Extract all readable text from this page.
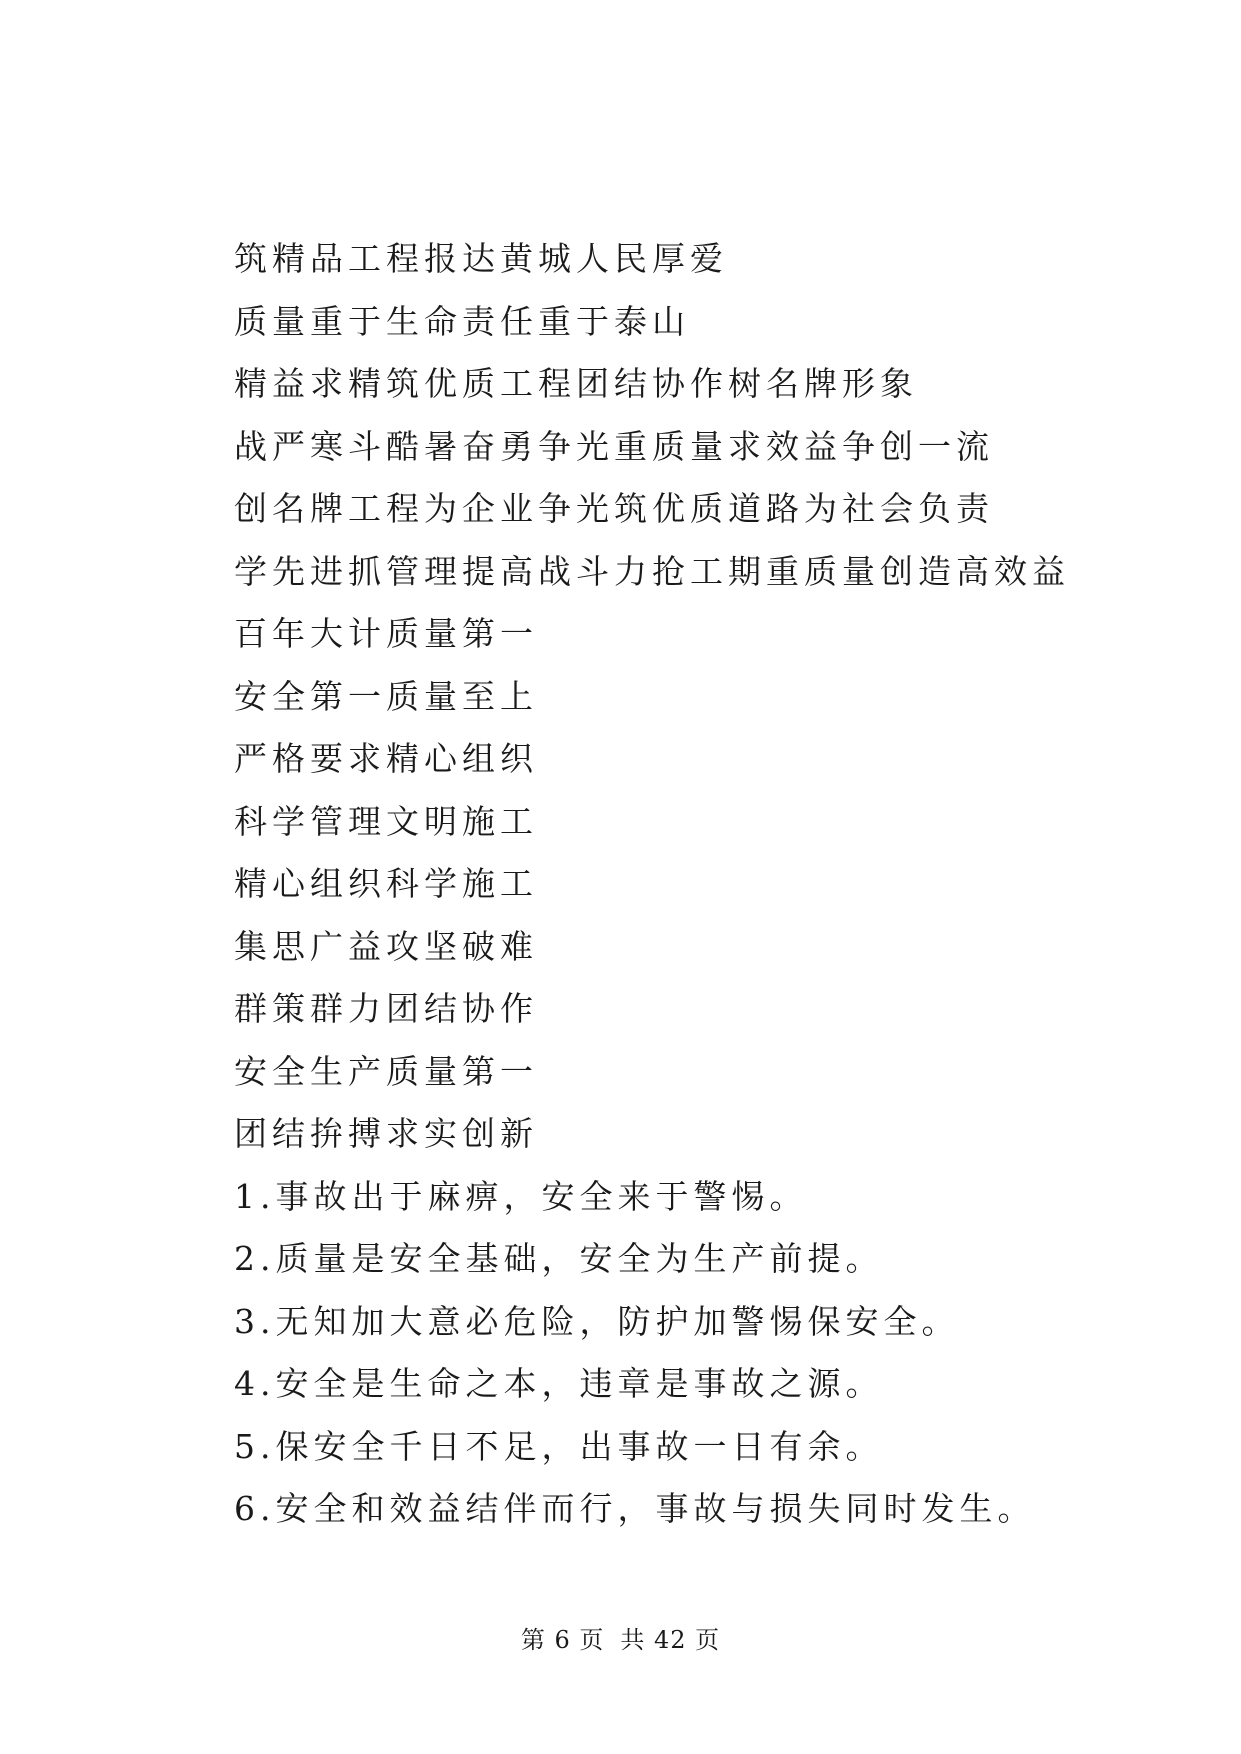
筑精品工程报达黄城人民厚爱
质量重于生命责任重于泰山
精益求精筑优质工程团结协作树名牌形象
战严寒斗酷暑奋勇争光重质量求效益争创一流
创名牌工程为企业争光筑优质道路为社会负责
学先进抓管理提高战斗力抢工期重质量创造高效益
百年大计质量第一
安全第一质量至上
严格要求精心组织
科学管理文明施工
精心组织科学施工
集思广益攻坚破难
群策群力团结协作
安全生产质量第一
团结拚搏求实创新
1.事故出于麻痹，安全来于警惕。
2.质量是安全基础，安全为生产前提。
3.无知加大意必危险，防护加警惕保安全。
4.安全是生命之本，违章是事故之源。
5.保安全千日不足，出事故一日有余。
6.安全和效益结伴而行，事故与损失同时发生。
第 6 页 共 42 页
